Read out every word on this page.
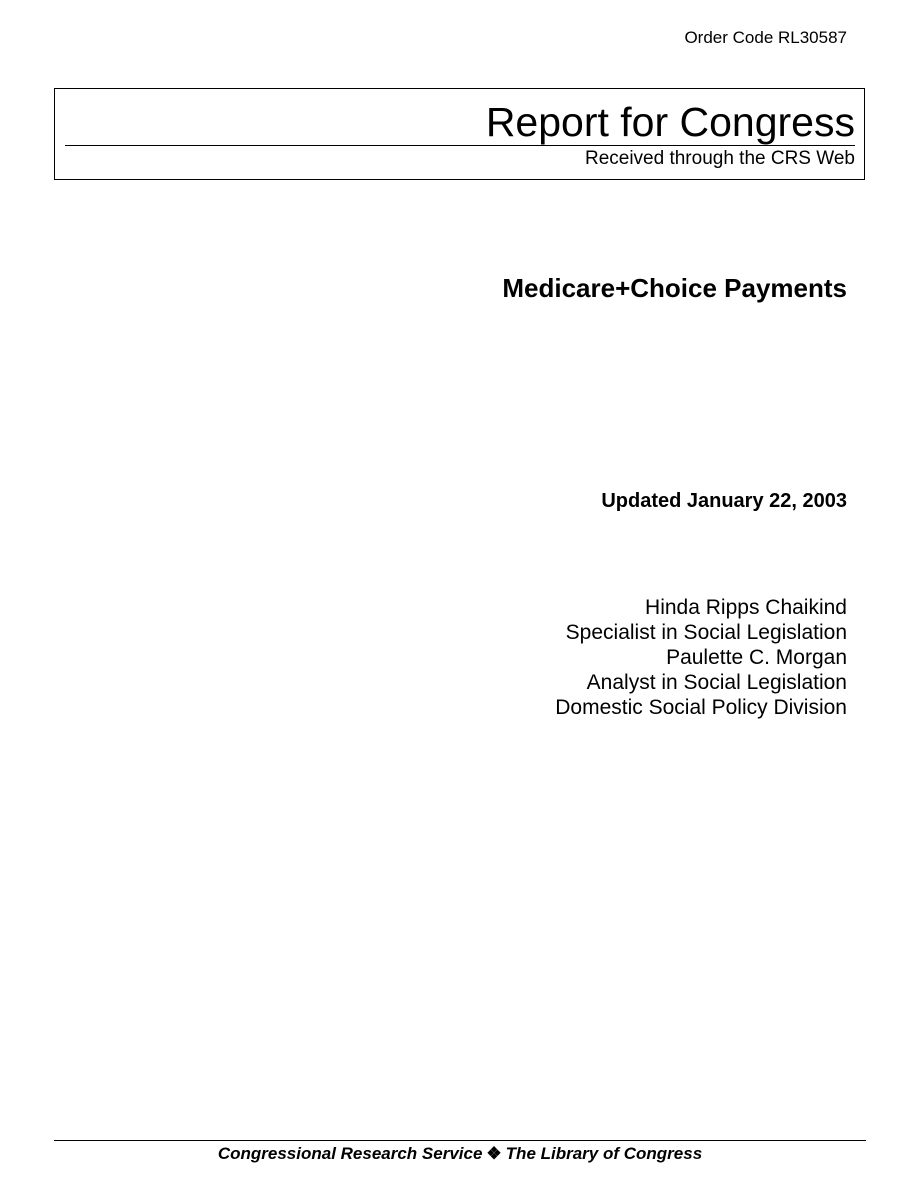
Order Code RL30587
Report for Congress
Received through the CRS Web
Medicare+Choice Payments
Updated January 22, 2003
Hinda Ripps Chaikind
Specialist in Social Legislation
Paulette C. Morgan
Analyst in Social Legislation
Domestic Social Policy Division
Congressional Research Service ❖ The Library of Congress
